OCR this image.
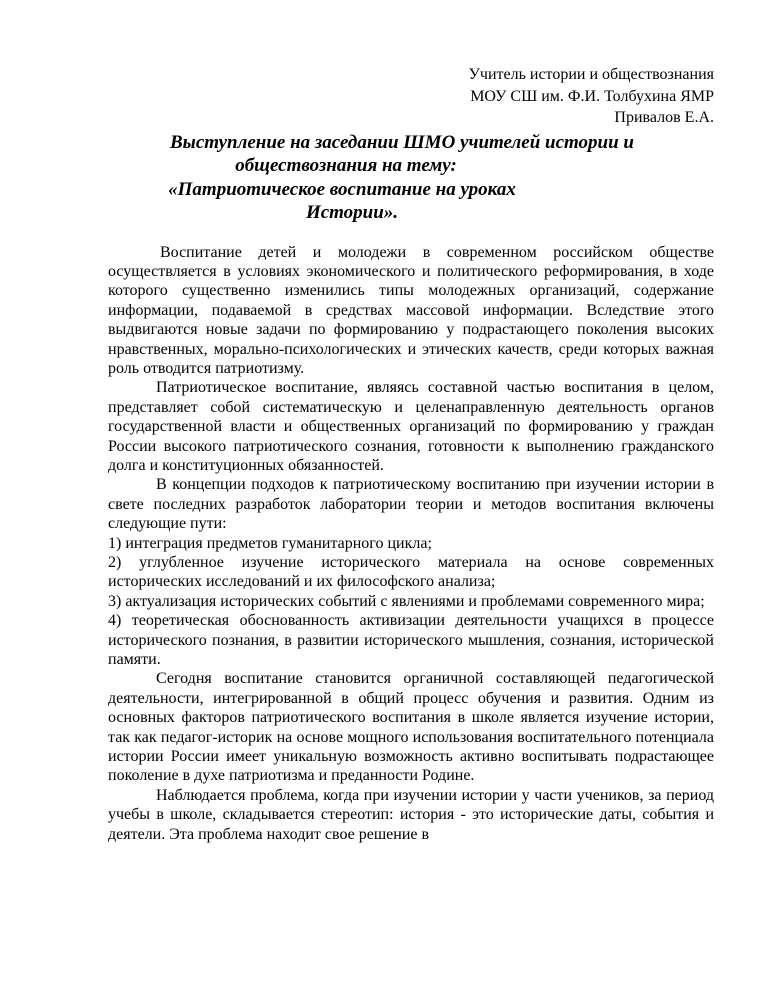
Учитель истории и обществознания
МОУ СШ им. Ф.И. Толбухина ЯМР
Привалов Е.А.
Выступление на заседании ШМО учителей истории и
обществознания на тему:
«Патриотическое воспитание на уроках
Истории».

Воспитание детей и молодежи в современном российском обществе осуществляется в условиях экономического и политического реформирования, в ходе которого существенно изменились типы молодежных организаций, содержание информации, подаваемой в средствах массовой информации. Вследствие этого выдвигаются новые задачи по формированию у подрастающего поколения высоких нравственных, морально-психологических и этических качеств, среди которых важная роль отводится патриотизму.

Патриотическое воспитание, являясь составной частью воспитания в целом, представляет собой систематическую и целенаправленную деятельность органов государственной власти и общественных организаций по формированию у граждан России высокого патриотического сознания, готовности к выполнению гражданского долга и конституционных обязанностей.

В концепции подходов к патриотическому воспитанию при изучении истории в свете последних разработок лаборатории теории и методов воспитания включены следующие пути:

1) интеграция предметов гуманитарного цикла;

2) углубленное изучение исторического материала на основе современных исторических исследований и их философского анализа;

3) актуализация исторических событий с явлениями и проблемами современного мира;

4) теоретическая обоснованность активизации деятельности учащихся в процессе исторического познания, в развитии исторического мышления, сознания, исторической памяти.

Сегодня воспитание становится органичной составляющей педагогической деятельности, интегрированной в общий процесс обучения и развития. Одним из основных факторов патриотического воспитания в школе является изучение истории, так как педагог-историк на основе мощного использования воспитательного потенциала истории России имеет уникальную возможность активно воспитывать подрастающее поколение в духе патриотизма и преданности Родине.

Наблюдается проблема, когда при изучении истории у части учеников, за период учебы в школе, складывается стереотип: история - это исторические даты, события и деятели. Эта проблема находит свое решение в
